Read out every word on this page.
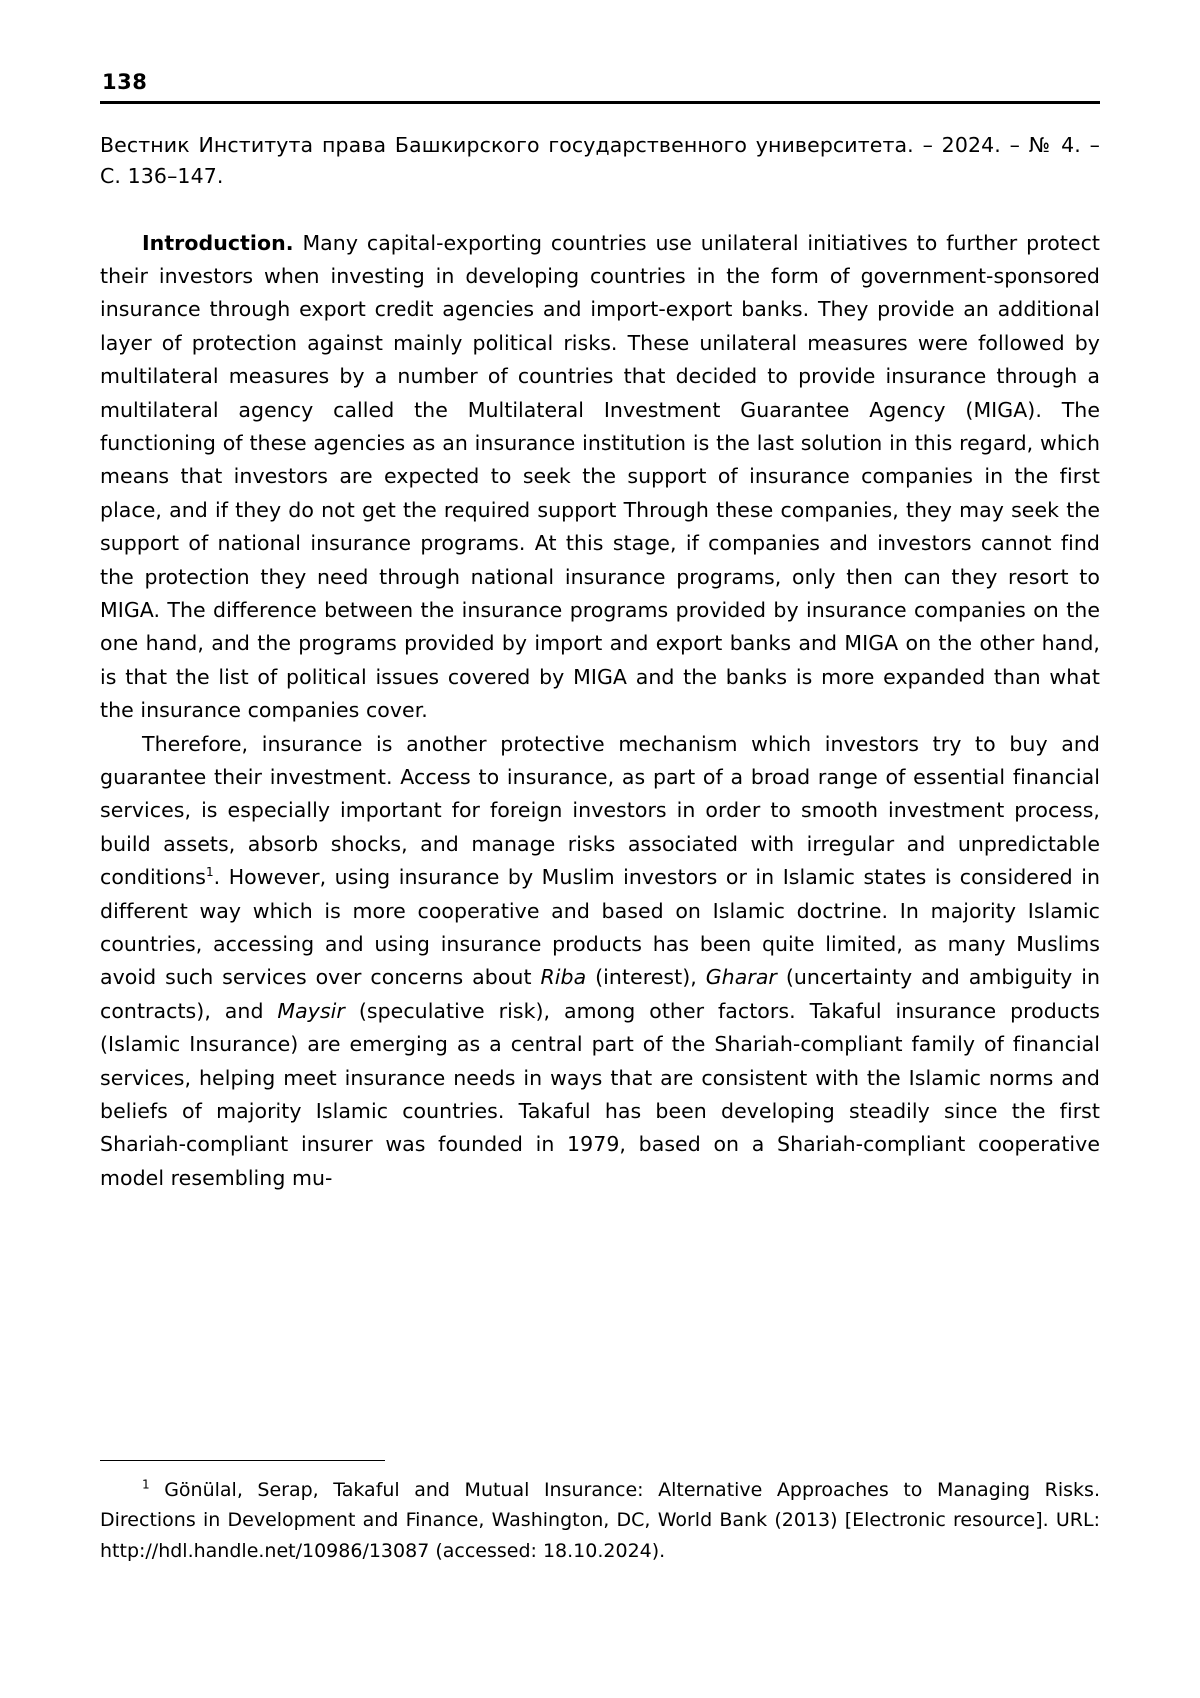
138
Вестник Института права Башкирского государственного университета. – 2024. – № 4. – С. 136–147.

Introduction. Many capital-exporting countries use unilateral initiatives to further protect their investors when investing in developing countries in the form of government-sponsored insurance through export credit agencies and import-export banks. They provide an additional layer of protection against mainly political risks. These unilateral measures were followed by multilateral measures by a number of countries that decided to provide insurance through a multilateral agency called the Multilateral Investment Guarantee Agency (MIGA). The functioning of these agencies as an insurance institution is the last solution in this regard, which means that investors are expected to seek the support of insurance companies in the first place, and if they do not get the required support Through these companies, they may seek the support of national insurance programs. At this stage, if companies and investors cannot find the protection they need through national insurance programs, only then can they resort to MIGA. The difference between the insurance programs provided by insurance companies on the one hand, and the programs provided by import and export banks and MIGA on the other hand, is that the list of political issues covered by MIGA and the banks is more expanded than what the insurance companies cover.

Therefore, insurance is another protective mechanism which investors try to buy and guarantee their investment. Access to insurance, as part of a broad range of essential financial services, is especially important for foreign investors in order to smooth investment process, build assets, absorb shocks, and manage risks associated with irregular and unpredictable conditions$^1$. However, using insurance by Muslim investors or in Islamic states is considered in different way which is more cooperative and based on Islamic doctrine. In majority Islamic countries, accessing and using insurance products has been quite limited, as many Muslims avoid such services over concerns about Riba (interest), Gharar (uncertainty and ambiguity in contracts), and Maysir (speculative risk), among other factors. Takaful insurance products (Islamic Insurance) are emerging as a central part of the Shariah-compliant family of financial services, helping meet insurance needs in ways that are consistent with the Islamic norms and beliefs of majority Islamic countries. Takaful has been developing steadily since the first Shariah-compliant insurer was founded in 1979, based on a Shariah-compliant cooperative model resembling mu-

$^1$ Gönülal, Serap, Takaful and Mutual Insurance: Alternative Approaches to Managing Risks. Directions in Development and Finance, Washington, DC, World Bank (2013) [Electronic resource]. URL: http://hdl.handle.net/10986/13087 (accessed: 18.10.2024).
